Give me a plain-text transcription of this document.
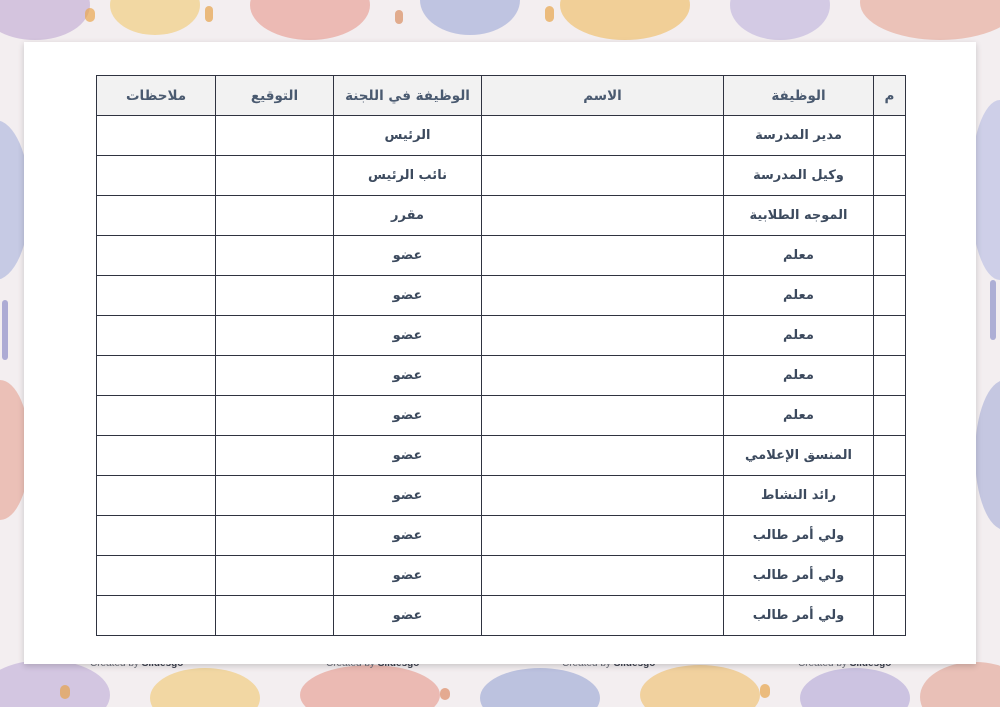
م	الوظيفة	الاسم	الوظيفة في اللجنة	التوقيع	ملاحظات
	مدير المدرسة		الرئيس		
	وكيل المدرسة		نائب الرئيس		
	الموجه الطلابية		مقرر		
	معلم		عضو		
	معلم		عضو		
	معلم		عضو		
	معلم		عضو		
	معلم		عضو		
	المنسق الإعلامي		عضو		
	رائد النشاط		عضو		
	ولي أمر طالب		عضو		
	ولي أمر طالب		عضو		
	ولي أمر طالب		عضو		
